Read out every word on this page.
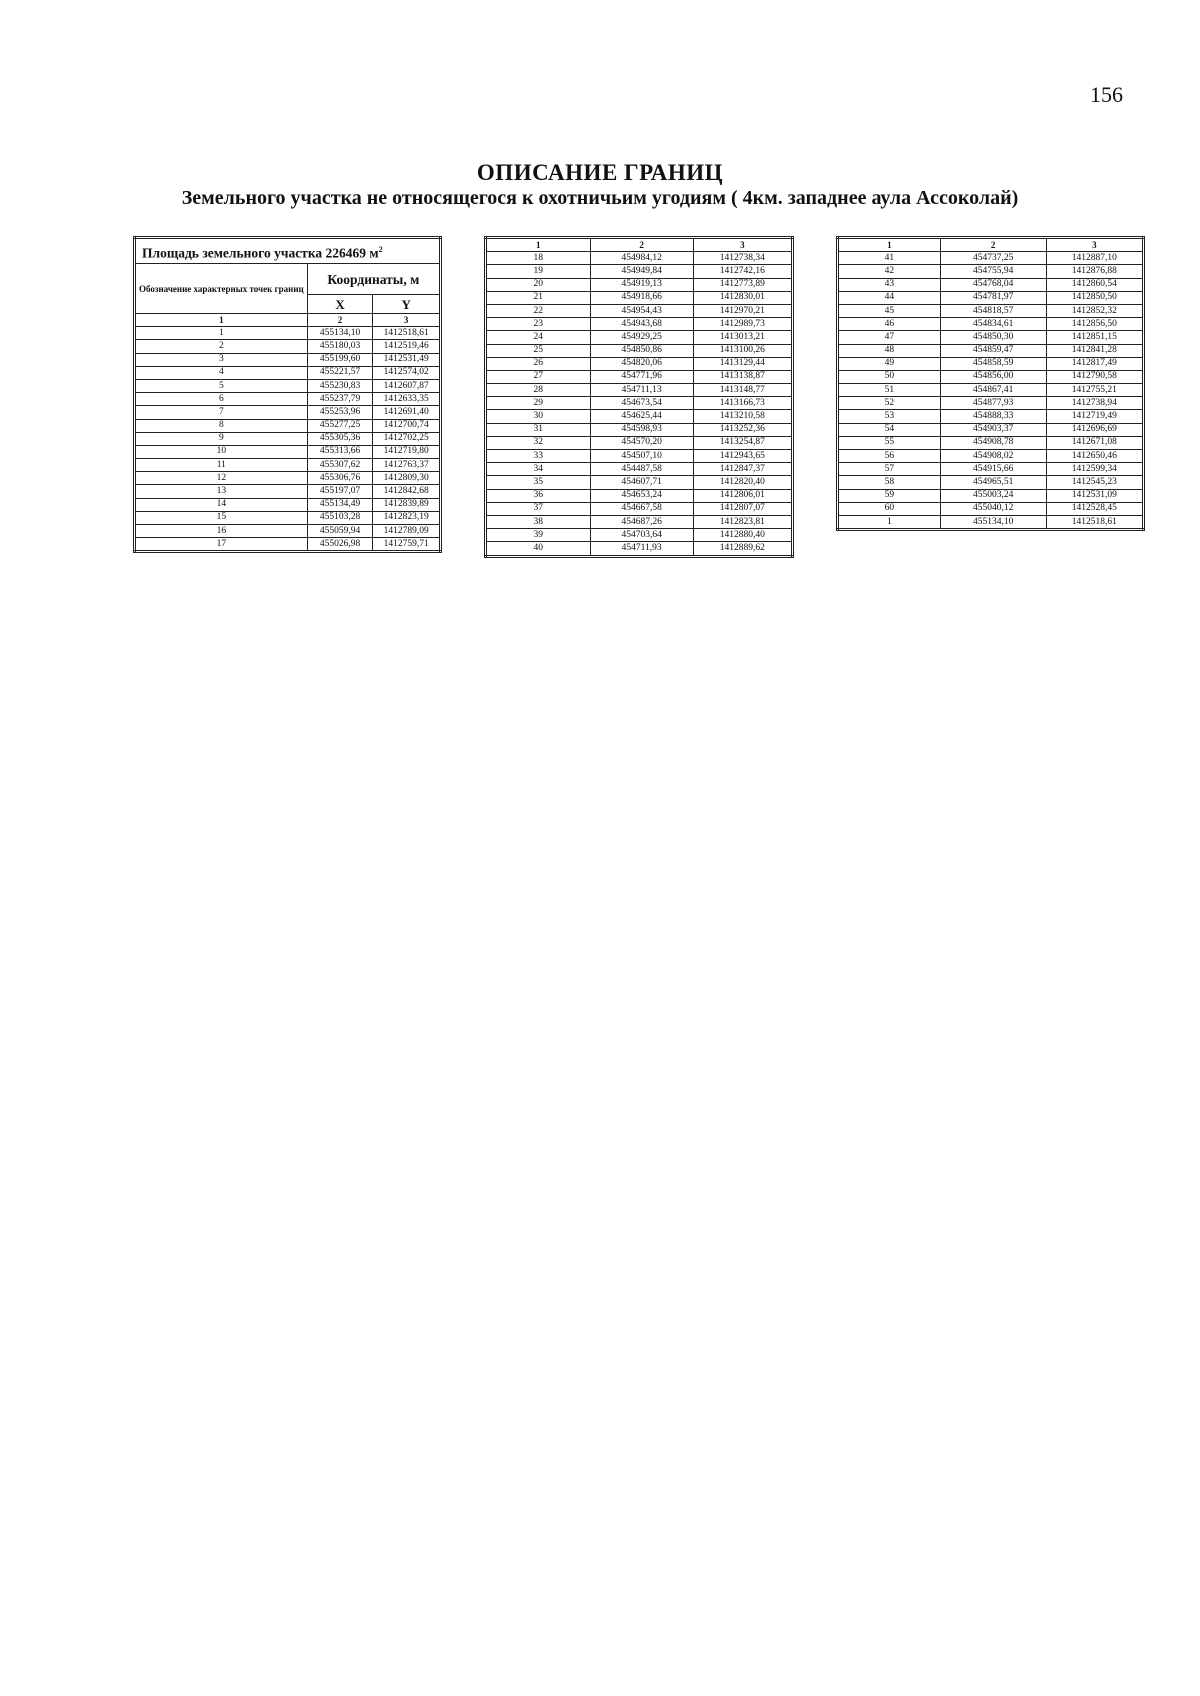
156
ОПИСАНИЕ ГРАНИЦ
Земельного участка не относящегося к охотничьим угодиям ( 4км. западнее аула Ассоколай)
Площадь земельного участка 226469 $м^2$
Обозначение характерных точек границ	Координаты, м	
	X	Y
1	2	3
1	455134,10	1412518,61
2	455180,03	1412519,46
3	455199,60	1412531,49
4	455221,57	1412574,02
5	455230,83	1412607,87
6	455237,79	1412633,35
7	455253,96	1412691,40
8	455277,25	1412700,74
9	455305,36	1412702,25
10	455313,66	1412719,80
11	455307,62	1412763,37
12	455306,76	1412809,30
13	455197,07	1412842,68
14	455134,49	1412839,89
15	455103,28	1412823,19
16	455059,94	1412789,09
17	455026,98	1412759,71
1	2	3
18	454984,12	1412738,34
19	454949,84	1412742,16
20	454919,13	1412773,89
21	454918,66	1412830,01
22	454954,43	1412970,21
23	454943,68	1412989,73
24	454929,25	1413013,21
25	454850,86	1413100,26
26	454820,06	1413129,44
27	454771,96	1413138,87
28	454711,13	1413148,77
29	454673,54	1413166,73
30	454625,44	1413210,58
31	454598,93	1413252,36
32	454570,20	1413254,87
33	454507,10	1412943,65
34	454487,58	1412847,37
35	454607,71	1412820,40
36	454653,24	1412806,01
37	454667,58	1412807,07
38	454687,26	1412823,81
39	454703,64	1412880,40
40	454711,93	1412889,62
1	2	3
41	454737,25	1412887,10
42	454755,94	1412876,88
43	454768,04	1412860,54
44	454781,97	1412850,50
45	454818,57	1412852,32
46	454834,61	1412856,50
47	454850,30	1412851,15
48	454859,47	1412841,28
49	454858,59	1412817,49
50	454856,00	1412790,58
51	454867,41	1412755,21
52	454877,93	1412738,94
53	454888,33	1412719,49
54	454903,37	1412696,69
55	454908,78	1412671,08
56	454908,02	1412650,46
57	454915,66	1412599,34
58	454965,51	1412545,23
59	455003,24	1412531,09
60	455040,12	1412528,45
1	455134,10	1412518,61
